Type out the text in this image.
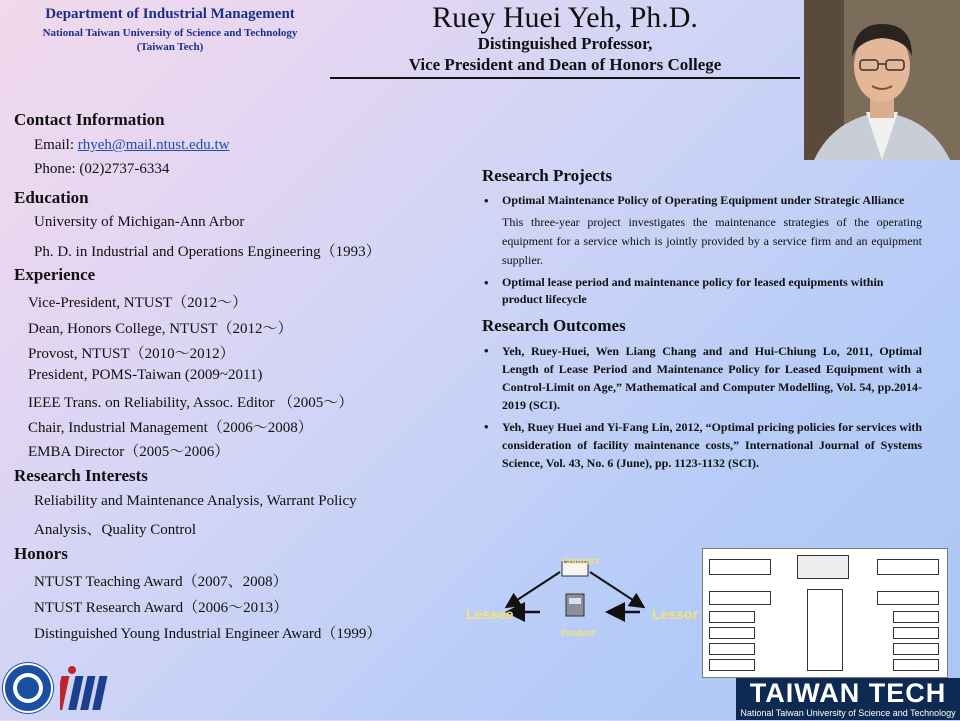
Department of Industrial Management
National Taiwan University of Science and Technology
(Taiwan Tech)
Ruey Huei Yeh, Ph.D.
Distinguished Professor,
Vice President and Dean of Honors College
Contact Information
Email: rhyeh@mail.ntust.edu.tw
Phone: (02)2737-6334
Education
University of Michigan-Ann Arbor
Ph. D. in Industrial and Operations Engineering（1993）
Experience
Vice-President, NTUST（2012～）
Dean, Honors College, NTUST（2012～）
Provost, NTUST（2010～2012）
President, POMS-Taiwan (2009~2011)
IEEE Trans. on Reliability, Assoc. Editor （2005～）
Chair, Industrial Management（2006～2008）
EMBA Director（2005～2006）
Research Interests
Reliability and Maintenance Analysis, Warrant Policy
Analysis、Quality Control
Honors
NTUST Teaching Award（2007、2008）
NTUST Research Award（2006～2013）
Distinguished Young Industrial Engineer Award（1999）
Research Projects
• Optimal Maintenance Policy of Operating Equipment under Strategic Alliance
This three-year project investigates the maintenance strategies of the operating equipment for a service which is jointly provided by a service firm and an equipment supplier.
• Optimal lease period and maintenance policy for leased equipments within product lifecycle
Research Outcomes
• Yeh, Ruey-Huei, Wen Liang Chang and and Hui-Chiung Lo, 2011, Optimal Length of Lease Period and Maintenance Policy for Leased Equipment with a Control-Limit on Age,” Mathematical and Computer Modelling, Vol. 54, pp.2014-2019 (SCI).
• Yeh, Ruey Huei and Yi-Fang Lin, 2012, “Optimal pricing policies for services with consideration of facility maintenance costs,” International Journal of Systems Science, Vol. 43, No. 6 (June), pp. 1123-1132 (SCI).
Contract
Lessee	Lessor
Product
TAIWAN TECH
National Taiwan University of Science and Technology
